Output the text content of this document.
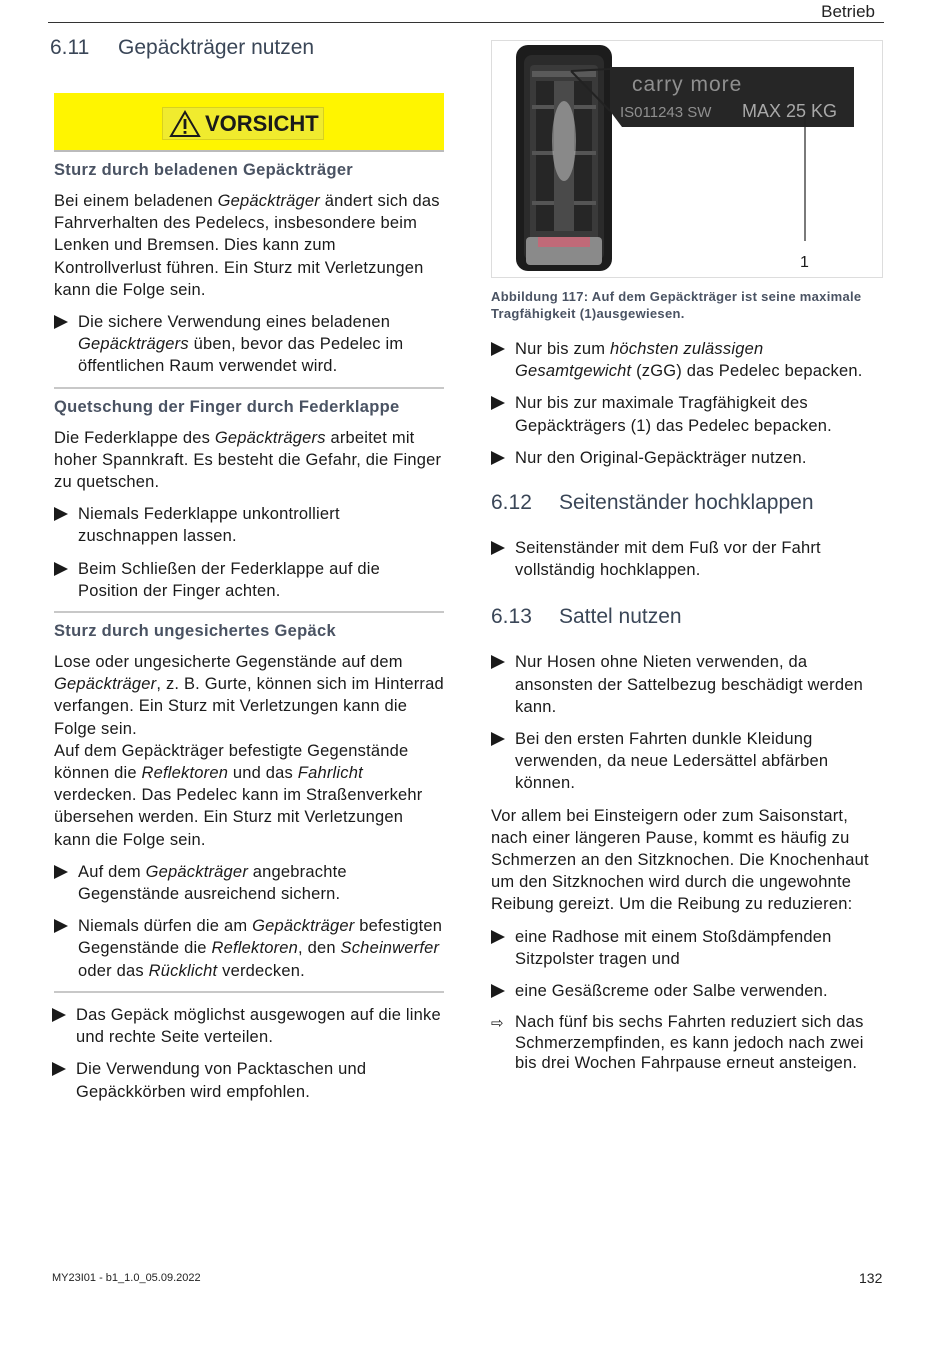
Betrieb
6.11	Gepäckträger nutzen
VORSICHT
Sturz durch beladenen Gepäckträger

Bei einem beladenen Gepäckträger ändert sich das Fahrverhalten des Pedelecs, insbesondere beim Lenken und Bremsen. Dies kann zum Kontrollverlust führen. Ein Sturz mit Verletzungen kann die Folge sein.

Die sichere Verwendung eines beladenen Gepäckträgers üben, bevor das Pedelec im öffentlichen Raum verwendet wird.
Quetschung der Finger durch Federklappe

Die Federklappe des Gepäckträgers arbeitet mit hoher Spannkraft. Es besteht die Gefahr, die Finger zu quetschen.

Niemals Federklappe unkontrolliert zuschnappen lassen.
Beim Schließen der Federklappe auf die Position der Finger achten.
Sturz durch ungesichertes Gepäck

Lose oder ungesicherte Gegenstände auf dem Gepäckträger, z. B. Gurte, können sich im Hinterrad verfangen. Ein Sturz mit Verletzungen kann die Folge sein.

Auf dem Gepäckträger befestigte Gegenstände können die Reflektoren und das Fahrlicht verdecken. Das Pedelec kann im Straßenverkehr übersehen werden. Ein Sturz mit Verletzungen kann die Folge sein.

Auf dem Gepäckträger angebrachte Gegenstände ausreichend sichern.
Niemals dürfen die am Gepäckträger befestigten Gegenstände die Reflektoren, den Scheinwerfer oder das Rücklicht verdecken.
Das Gepäck möglichst ausgewogen auf die linke und rechte Seite verteilen.
Die Verwendung von Packtaschen und Gepäckkörben wird empfohlen.
carry more
IS011243 SW MAX 25 KG
1
Abbildung 117: Auf dem Gepäckträger ist seine maximale Tragfähigkeit (1)ausgewiesen.
Nur bis zum höchsten zulässigen Gesamtgewicht (zGG) das Pedelec bepacken.
Nur bis zur maximale Tragfähigkeit des Gepäckträgers (1) das Pedelec bepacken.
Nur den Original-Gepäckträger nutzen.
6.12	Seitenständer hochklappen
Seitenständer mit dem Fuß vor der Fahrt vollständig hochklappen.
6.13	Sattel nutzen
Nur Hosen ohne Nieten verwenden, da ansonsten der Sattelbezug beschädigt werden kann.
Bei den ersten Fahrten dunkle Kleidung verwenden, da neue Ledersättel abfärben können.

Vor allem bei Einsteigern oder zum Saisonstart, nach einer längeren Pause, kommt es häufig zu Schmerzen an den Sitzknochen. Die Knochenhaut um den Sitzknochen wird durch die ungewohnte Reibung gereizt. Um die Reibung zu reduzieren:

eine Radhose mit einem Stoßdämpfenden Sitzpolster tragen und
eine Gesäßcreme oder Salbe verwenden.
⇨ Nach fünf bis sechs Fahrten reduziert sich das Schmerzempfinden, es kann jedoch nach zwei bis drei Wochen Fahrpause erneut ansteigen.
MY23I01 - b1_1.0_05.09.2022	132
